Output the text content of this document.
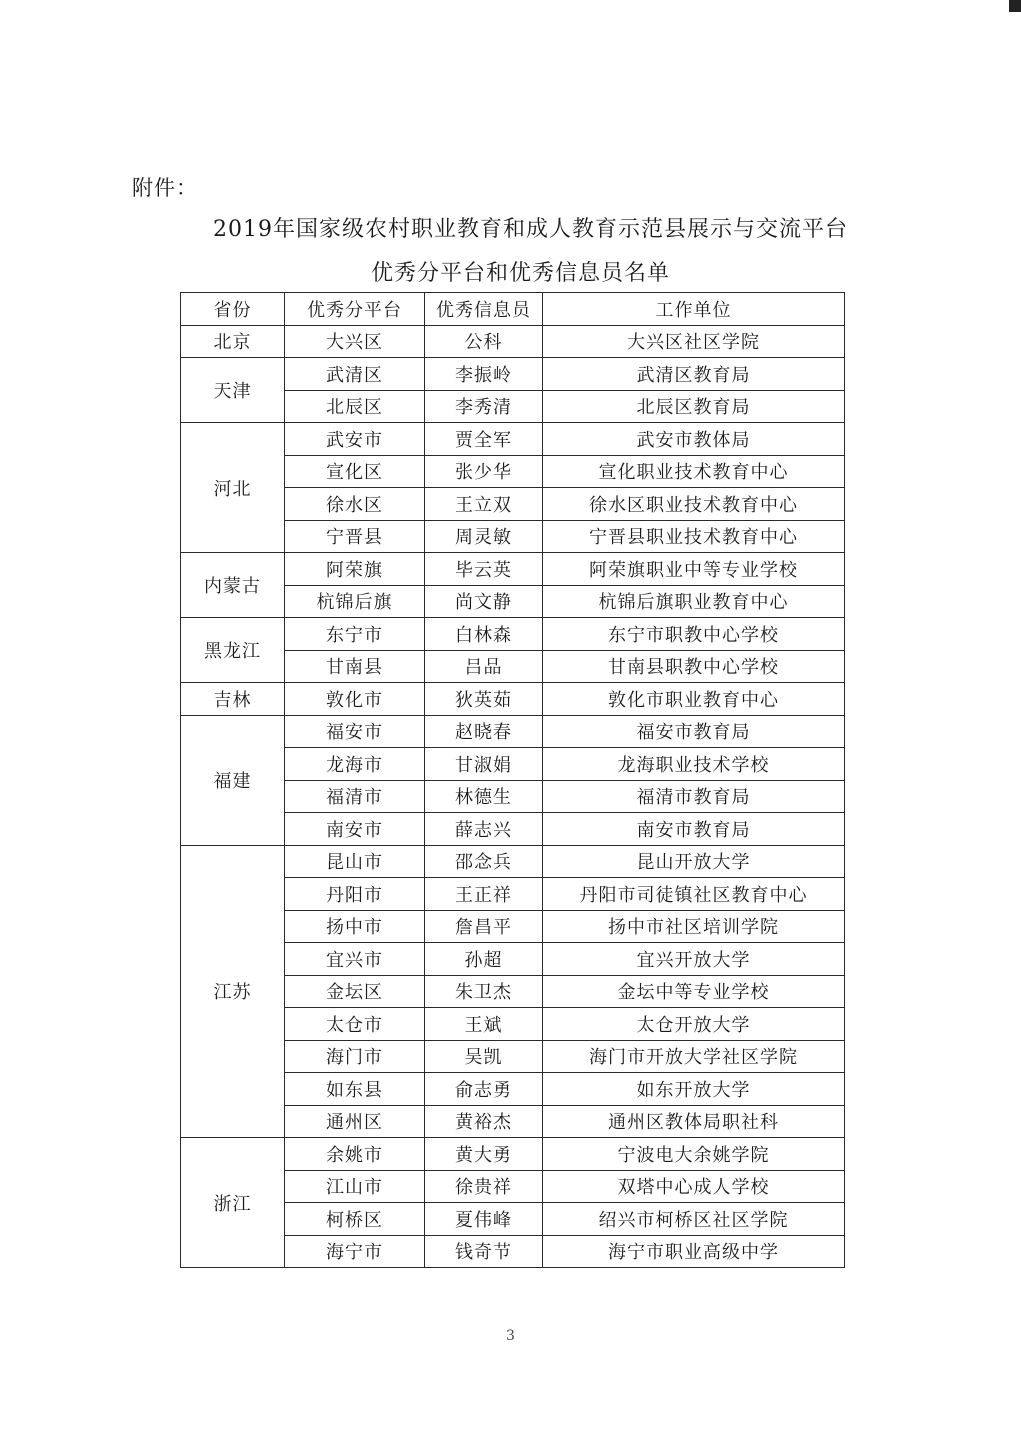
附件：
2019年国家级农村职业教育和成人教育示范县展示与交流平台
优秀分平台和优秀信息员名单
省份	优秀分平台	优秀信息员	工作单位
北京	大兴区	公科	大兴区社区学院
天津	武清区	李振岭	武清区教育局
	北辰区	李秀清	北辰区教育局
河北	武安市	贾全军	武安市教体局
	宣化区	张少华	宣化职业技术教育中心
	徐水区	王立双	徐水区职业技术教育中心
	宁晋县	周灵敏	宁晋县职业技术教育中心
内蒙古	阿荣旗	毕云英	阿荣旗职业中等专业学校
	杭锦后旗	尚文静	杭锦后旗职业教育中心
黑龙江	东宁市	白林森	东宁市职教中心学校
	甘南县	吕品	甘南县职教中心学校
吉林	敦化市	狄英茹	敦化市职业教育中心
福建	福安市	赵晓春	福安市教育局
	龙海市	甘淑娟	龙海职业技术学校
	福清市	林德生	福清市教育局
	南安市	薛志兴	南安市教育局
江苏	昆山市	邵念兵	昆山开放大学
	丹阳市	王正祥	丹阳市司徒镇社区教育中心
	扬中市	詹昌平	扬中市社区培训学院
	宜兴市	孙超	宜兴开放大学
	金坛区	朱卫杰	金坛中等专业学校
	太仓市	王斌	太仓开放大学
	海门市	吴凯	海门市开放大学社区学院
	如东县	俞志勇	如东开放大学
	通州区	黄裕杰	通州区教体局职社科
浙江	余姚市	黄大勇	宁波电大余姚学院
	江山市	徐贵祥	双塔中心成人学校
	柯桥区	夏伟峰	绍兴市柯桥区社区学院
	海宁市	钱奇节	海宁市职业高级中学
3
